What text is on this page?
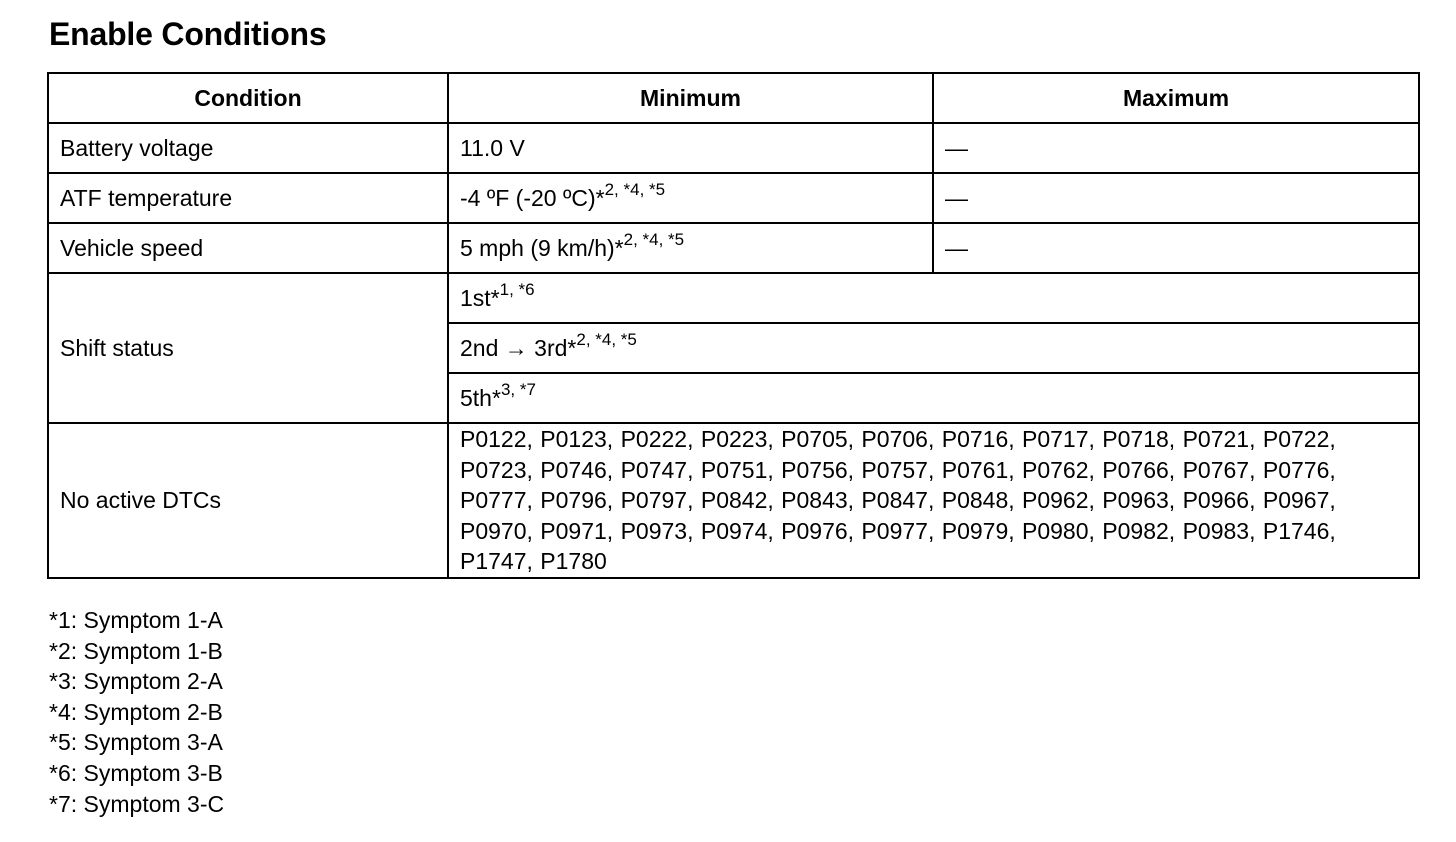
Enable Conditions
Condition	Minimum	Maximum
Battery voltage	11.0 V	—
ATF temperature	-4 ºF (-20 ºC)*$^{2, *4, *5}$	—
Vehicle speed	5 mph (9 km/h)*$^{2, *4, *5}$	—
Shift status	1st*$^{1, *6}$
	2nd → 3rd*$^{2, *4, *5}$
	5th*$^{3, *7}$
No active DTCs	P0122, P0123, P0222, P0223, P0705, P0706, P0716, P0717, P0718, P0721, P0722, P0723, P0746, P0747, P0751, P0756, P0757, P0761, P0762, P0766, P0767, P0776, P0777, P0796, P0797, P0842, P0843, P0847, P0848, P0962, P0963, P0966, P0967, P0970, P0971, P0973, P0974, P0976, P0977, P0979, P0980, P0982, P0983, P1746, P1747, P1780	
*1: Symptom 1-A
*2: Symptom 1-B
*3: Symptom 2-A
*4: Symptom 2-B
*5: Symptom 3-A
*6: Symptom 3-B
*7: Symptom 3-C
